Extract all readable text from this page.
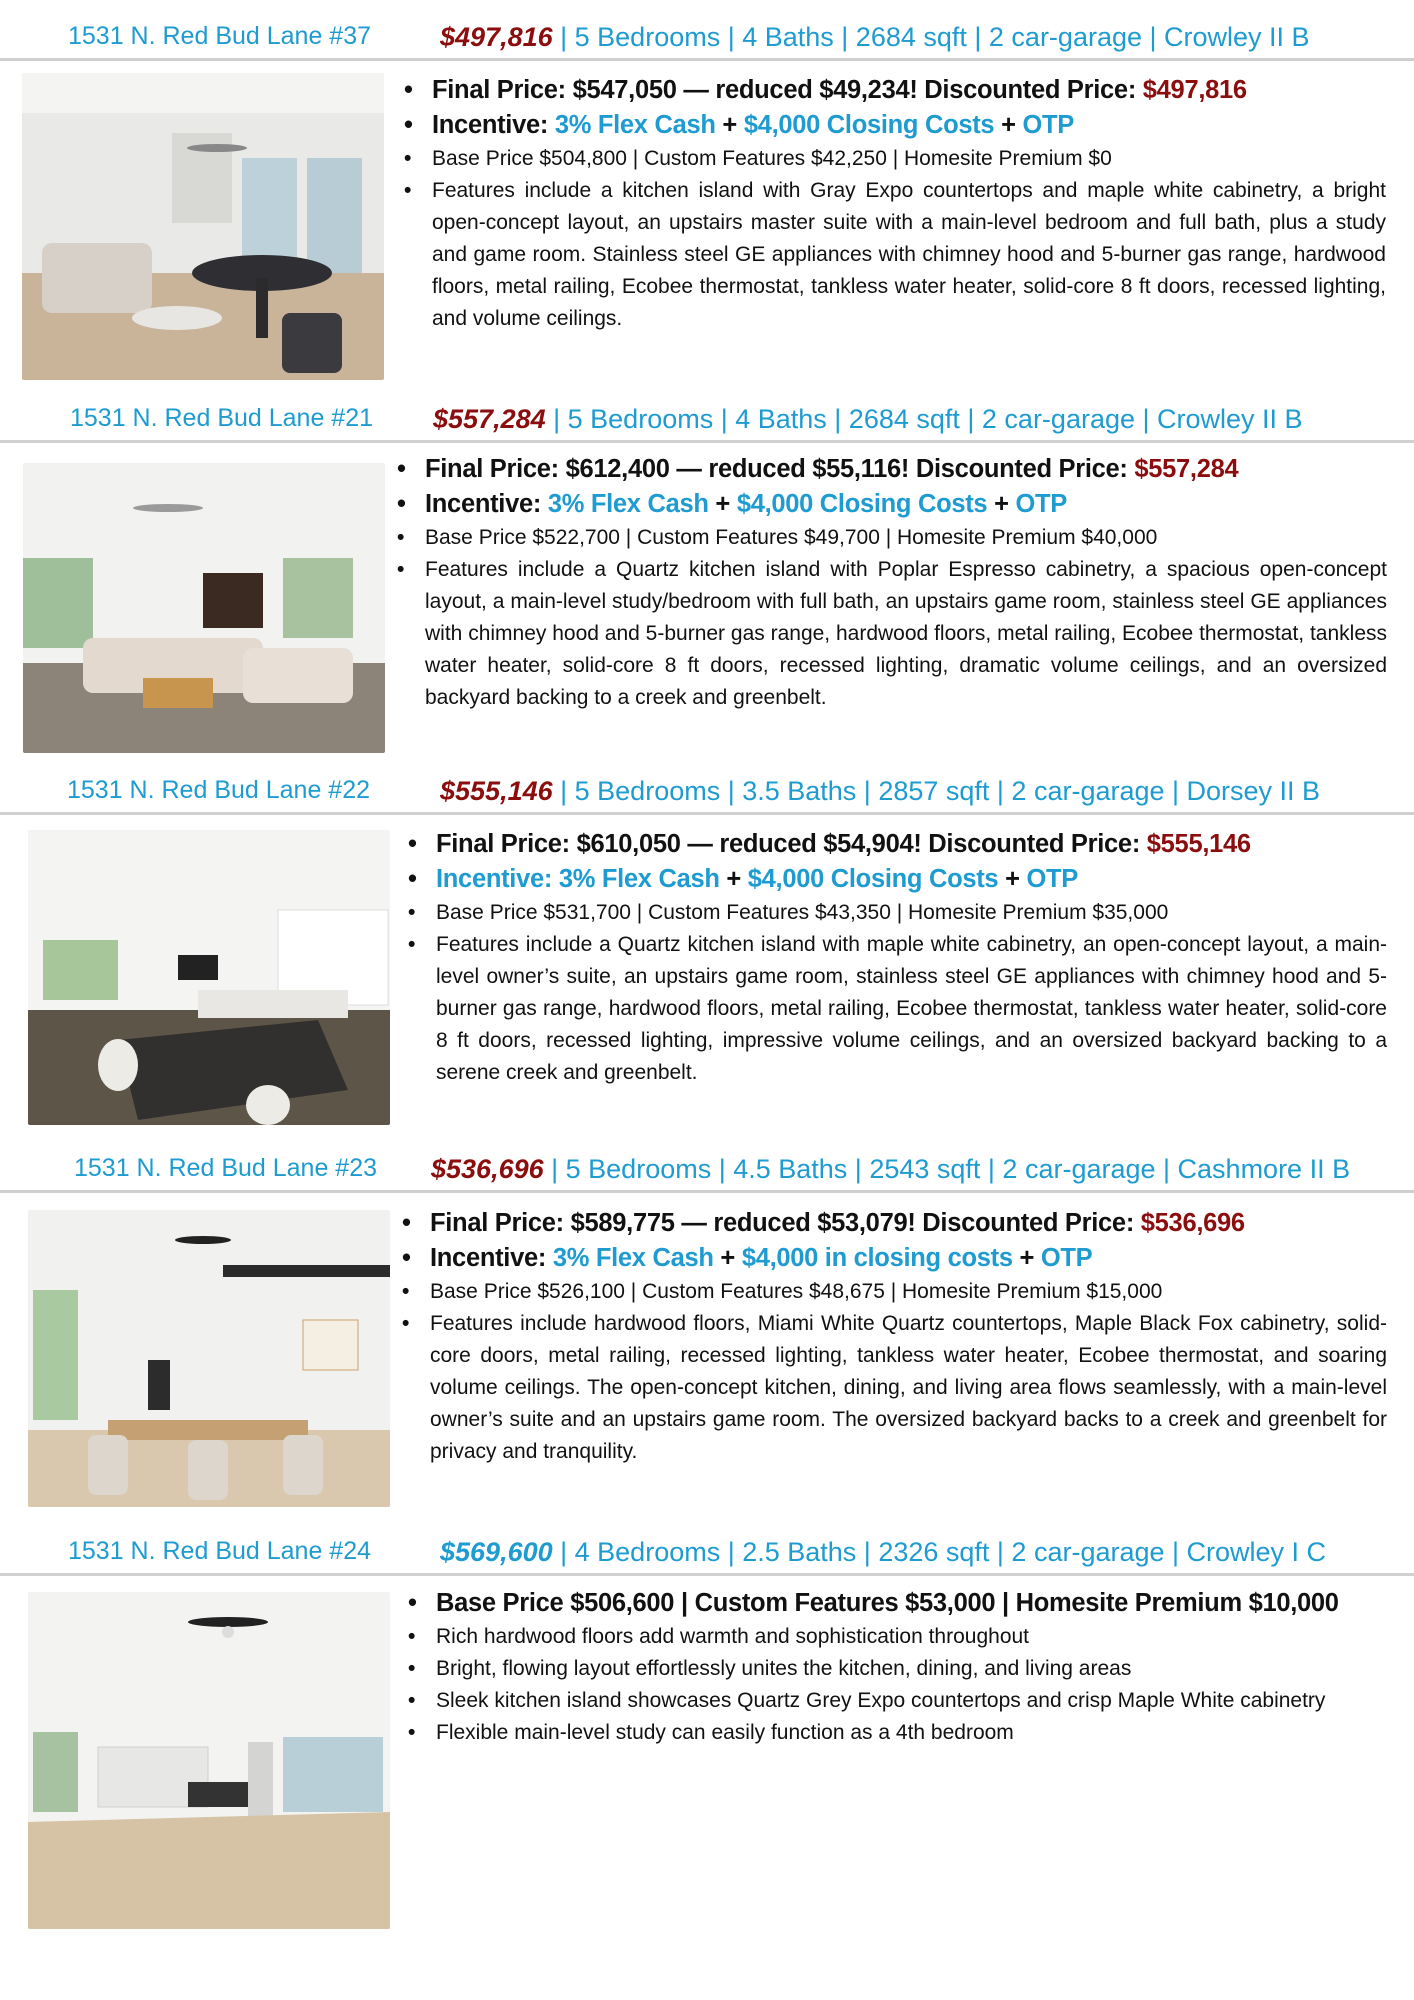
1531 N. Red Bud Lane #37	$497,816 | 5 Bedrooms | 4 Baths | 2684 sqft | 2 car-garage | Crowley II B
• Final Price: $547,050 — reduced $49,234! Discounted Price: $497,816
• Incentive: 3% Flex Cash + $4,000 Closing Costs + OTP
• Base Price $504,800 | Custom Features $42,250 | Homesite Premium $0
• Features include a kitchen island with Gray Expo countertops and maple white cabinetry, a bright open-concept layout, an upstairs master suite with a main-level bedroom and full bath, plus a study and game room. Stainless steel GE appliances with chimney hood and 5-burner gas range, hardwood floors, metal railing, Ecobee thermostat, tankless water heater, solid-core 8 ft doors, recessed lighting, and volume ceilings.
1531 N. Red Bud Lane #21 $557,284 | 5 Bedrooms | 4 Baths | 2684 sqft | 2 car-garage | Crowley II B
• Final Price: $612,400 — reduced $55,116! Discounted Price: $557,284
• Incentive: 3% Flex Cash + $4,000 Closing Costs + OTP
• Base Price $522,700 | Custom Features $49,700 | Homesite Premium $40,000
• Features include a Quartz kitchen island with Poplar Espresso cabinetry, a spacious open-concept layout, a main-level study/bedroom with full bath, an upstairs game room, stainless steel GE appliances with chimney hood and 5-burner gas range, hardwood floors, metal railing, Ecobee thermostat, tankless water heater, solid-core 8 ft doors, recessed lighting, dramatic volume ceilings, and an oversized backyard backing to a creek and greenbelt.
1531 N. Red Bud Lane #22	$555,146 | 5 Bedrooms | 3.5 Baths | 2857 sqft | 2 car-garage | Dorsey II B
• Final Price: $610,050 — reduced $54,904! Discounted Price: $555,146
• Incentive: 3% Flex Cash + $4,000 Closing Costs + OTP
• Base Price $531,700 | Custom Features $43,350 | Homesite Premium $35,000
• Features include a Quartz kitchen island with maple white cabinetry, an open-concept layout, a main-level owner’s suite, an upstairs game room, stainless steel GE appliances with chimney hood and 5-burner gas range, hardwood floors, metal railing, Ecobee thermostat, tankless water heater, solid-core 8 ft doors, recessed lighting, impressive volume ceilings, and an oversized backyard backing to a serene creek and greenbelt.
1531 N. Red Bud Lane #23 $536,696 | 5 Bedrooms | 4.5 Baths | 2543 sqft | 2 car-garage | Cashmore II B
• Final Price: $589,775 — reduced $53,079! Discounted Price: $536,696
• Incentive: 3% Flex Cash + $4,000 in closing costs + OTP
• Base Price $526,100 | Custom Features $48,675 | Homesite Premium $15,000
• Features include hardwood floors, Miami White Quartz countertops, Maple Black Fox cabinetry, solid-core doors, metal railing, recessed lighting, tankless water heater, Ecobee thermostat, and soaring volume ceilings. The open-concept kitchen, dining, and living area flows seamlessly, with a main-level owner’s suite and an upstairs game room. The oversized backyard backs to a creek and greenbelt for privacy and tranquility.
1531 N. Red Bud Lane #24	$569,600 | 4 Bedrooms | 2.5 Baths | 2326 sqft | 2 car-garage | Crowley I C
• Base Price $506,600 | Custom Features $53,000 | Homesite Premium $10,000
• Rich hardwood floors add warmth and sophistication throughout
• Bright, flowing layout effortlessly unites the kitchen, dining, and living areas
• Sleek kitchen island showcases Quartz Grey Expo countertops and crisp Maple White cabinetry
• Flexible main-level study can easily function as a 4th bedroom
